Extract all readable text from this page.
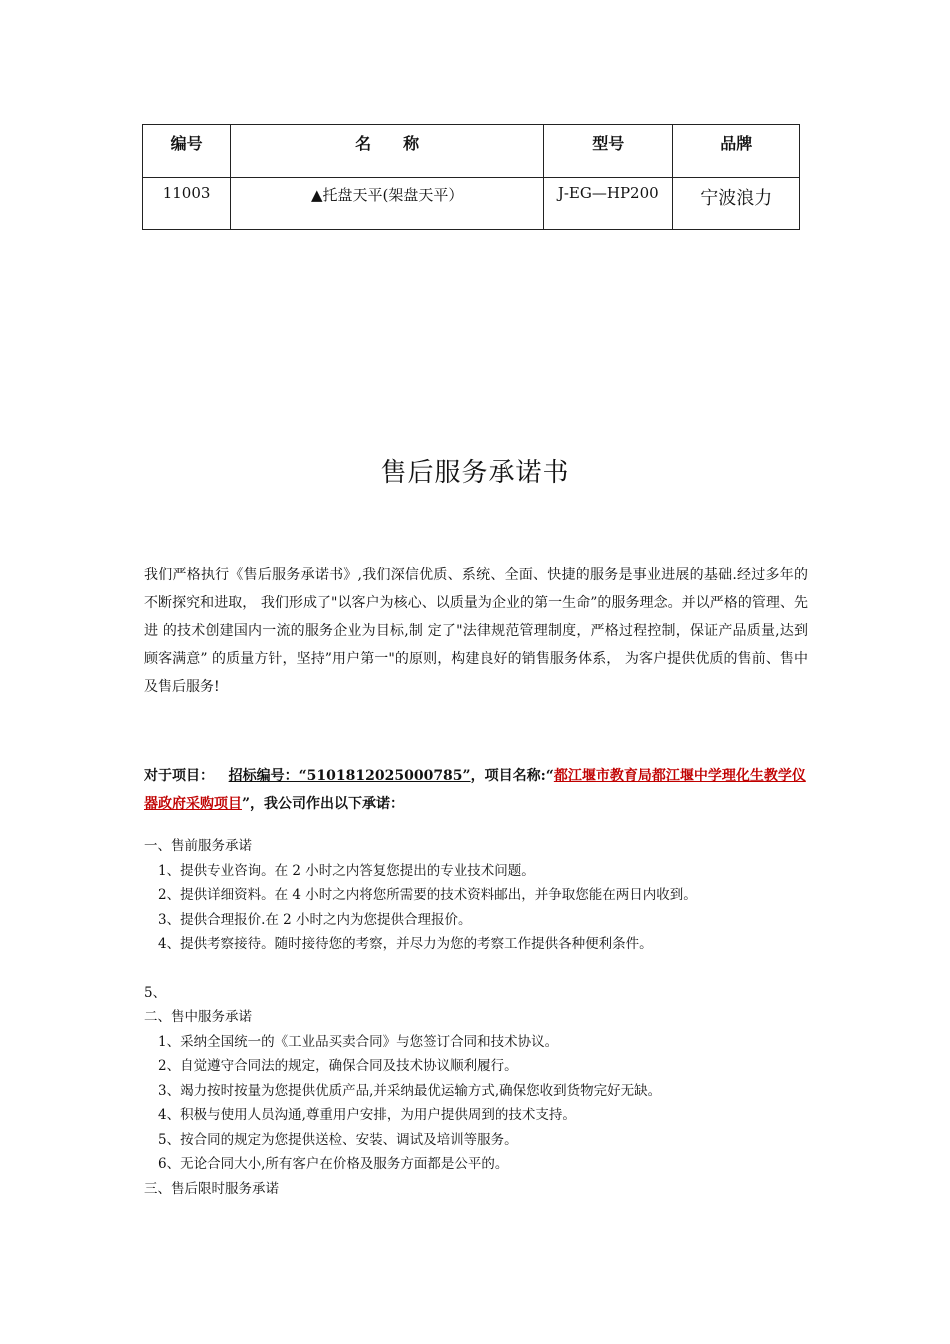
编号	名　　称	型号	品牌
11003	▲托盘天平(架盘天平）	J-EG—HP200	宁波浪力
售后服务承诺书
我们严格执行《售后服务承诺书》,我们深信优质、系统、全面、快捷的服务是事业进展的基础.经过多年的不断探究和进取， 我们形成了"以客户为核心、以质量为企业的第一生命”的服务理念。并以严格的管理、先进 的技术创建国内一流的服务企业为目标,制 定了"法律规范管理制度，严格过程控制，保证产品质量,达到顾客满意” 的质量方针，坚持”用户第一"的原则，构建良好的销售服务体系， 为客户提供优质的售前、售中及售后服务!
对于项目： 招标编号：“5101812025000785”，项目名称:“都江堰市教育局都江堰中学理化生教学仪器政府采购项目”，我公司作出以下承诺：
一、售前服务承诺
1、提供专业咨询。在 2 小时之内答复您提出的专业技术问题。
2、提供详细资料。在 4 小时之内将您所需要的技术资料邮出，并争取您能在两日内收到。
3、提供合理报价.在 2 小时之内为您提供合理报价。
4、提供考察接待。随时接待您的考察，并尽力为您的考察工作提供各种便利条件。
5、
二、售中服务承诺
1、采纳全国统一的《工业品买卖合同》与您签订合同和技术协议。
2、自觉遵守合同法的规定，确保合同及技术协议顺利履行。
3、竭力按时按量为您提供优质产品,并采纳最优运输方式,确保您收到货物完好无缺。
4、积极与使用人员沟通,尊重用户安排，为用户提供周到的技术支持。
5、按合同的规定为您提供送检、安装、调试及培训等服务。
6、无论合同大小,所有客户在价格及服务方面都是公平的。
三、售后限时服务承诺
